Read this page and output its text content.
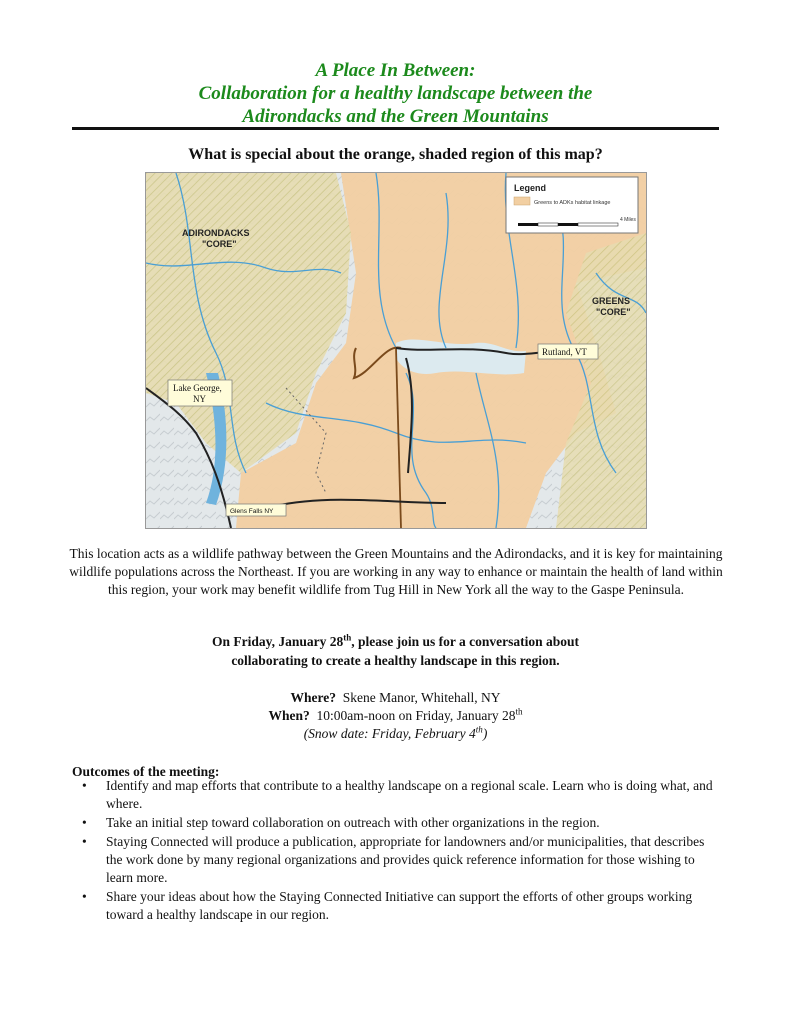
A Place In Between:
Collaboration for a healthy landscape between the
Adirondacks and the Green Mountains
What is special about the orange, shaded region of this map?
Legend
Greens to ADKs habitat linkage
4 Miles
ADIRONDACKS
"CORE"
GREENS
"CORE"
Rutland, VT
Lake George,
NY
Glens Falls NY
This location acts as a wildlife pathway between the Green Mountains and the Adirondacks, and it is key for maintaining wildlife populations across the Northeast. If you are working in any way to enhance or maintain the health of land within this region, your work may benefit wildlife from Tug Hill in New York all the way to the Gaspe Peninsula.
On Friday, January 28th, please join us for a conversation about
collaborating to create a healthy landscape in this region.
Where? Skene Manor, Whitehall, NY
When? 10:00am-noon on Friday, January 28th
(Snow date: Friday, February 4th)
Outcomes of the meeting:
• Identify and map efforts that contribute to a healthy landscape on a regional scale. Learn who is doing what, and where.
• Take an initial step toward collaboration on outreach with other organizations in the region.
• Staying Connected will produce a publication, appropriate for landowners and/or municipalities, that describes the work done by many regional organizations and provides quick reference information for those wishing to learn more.
• Share your ideas about how the Staying Connected Initiative can support the efforts of other groups working toward a healthy landscape in our region.
